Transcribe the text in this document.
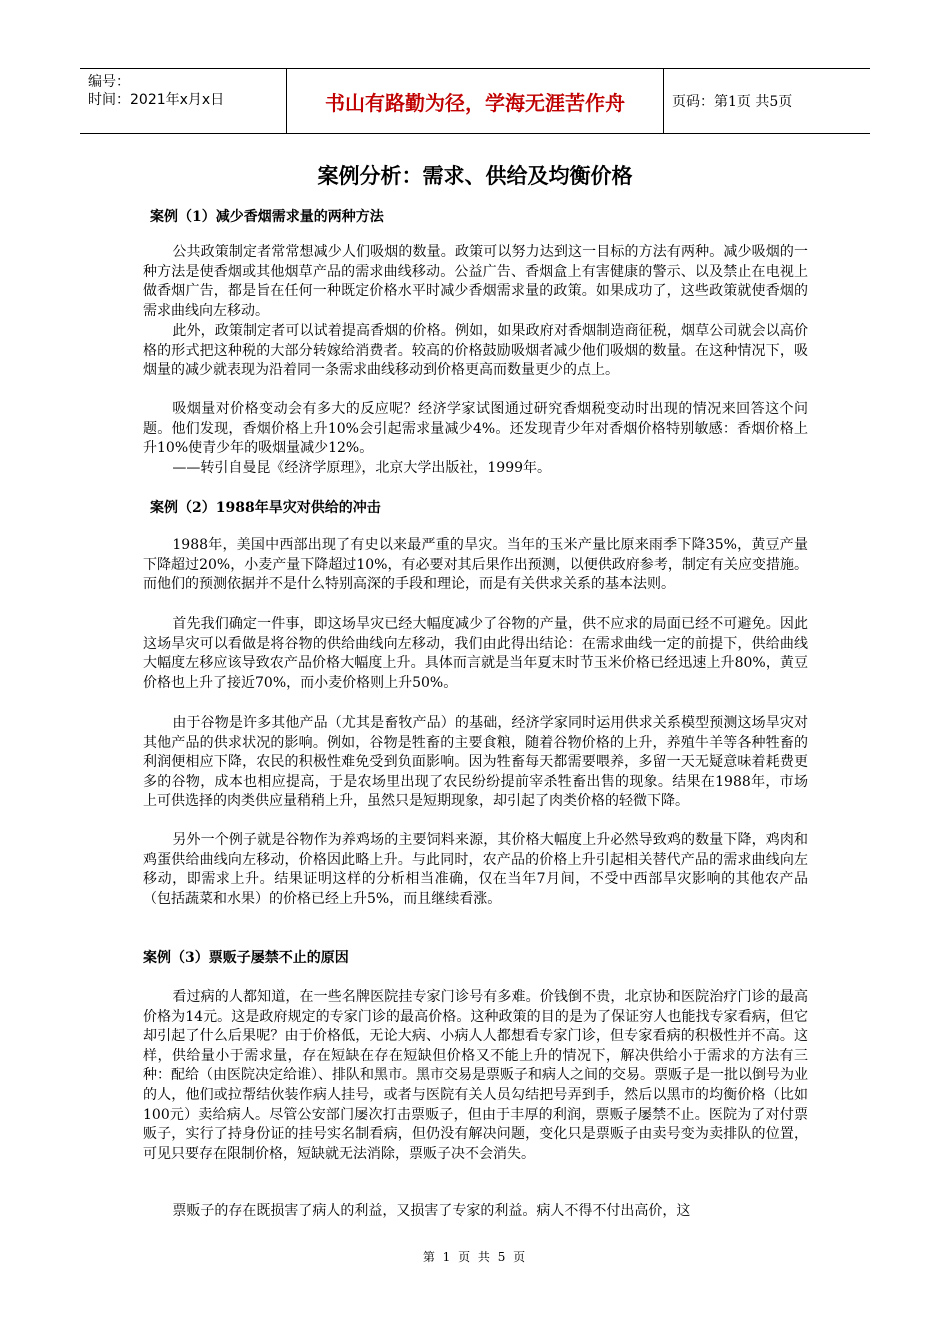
编号：
时间：2021年x月x日	书山有路勤为径，学海无涯苦作舟	页码：第1页 共5页
案例分析：需求、供给及均衡价格
案例（1）减少香烟需求量的两种方法
公共政策制定者常常想减少人们吸烟的数量。政策可以努力达到这一目标的方法有两种。减少吸烟的一种方法是使香烟或其他烟草产品的需求曲线移动。公益广告、香烟盒上有害健康的警示、以及禁止在电视上做香烟广告，都是旨在任何一种既定价格水平时减少香烟需求量的政策。如果成功了，这些政策就使香烟的需求曲线向左移动。
此外，政策制定者可以试着提高香烟的价格。例如，如果政府对香烟制造商征税，烟草公司就会以高价格的形式把这种税的大部分转嫁给消费者。较高的价格鼓励吸烟者减少他们吸烟的数量。在这种情况下，吸烟量的减少就表现为沿着同一条需求曲线移动到价格更高而数量更少的点上。
吸烟量对价格变动会有多大的反应呢？经济学家试图通过研究香烟税变动时出现的情况来回答这个问题。他们发现，香烟价格上升10%会引起需求量减少4%。还发现青少年对香烟价格特别敏感：香烟价格上升10%使青少年的吸烟量减少12%。
——转引自曼昆《经济学原理》，北京大学出版社，1999年。
案例（2）1988年旱灾对供给的冲击
1988年，美国中西部出现了有史以来最严重的旱灾。当年的玉米产量比原来雨季下降35%，黄豆产量下降超过20%，小麦产量下降超过10%，有必要对其后果作出预测，以便供政府参考，制定有关应变措施。而他们的预测依据并不是什么特别高深的手段和理论，而是有关供求关系的基本法则。
首先我们确定一件事，即这场旱灾已经大幅度减少了谷物的产量，供不应求的局面已经不可避免。因此这场旱灾可以看做是将谷物的供给曲线向左移动，我们由此得出结论：在需求曲线一定的前提下，供给曲线大幅度左移应该导致农产品价格大幅度上升。具体而言就是当年夏末时节玉米价格已经迅速上升80%，黄豆价格也上升了接近70%，而小麦价格则上升50%。
由于谷物是许多其他产品（尤其是畜牧产品）的基础，经济学家同时运用供求关系模型预测这场旱灾对其他产品的供求状况的影响。例如，谷物是牲畜的主要食粮，随着谷物价格的上升，养殖牛羊等各种牲畜的利润便相应下降，农民的积极性难免受到负面影响。因为牲畜每天都需要喂养，多留一天无疑意味着耗费更多的谷物，成本也相应提高，于是农场里出现了农民纷纷提前宰杀牲畜出售的现象。结果在1988年，市场上可供选择的肉类供应量稍稍上升，虽然只是短期现象，却引起了肉类价格的轻微下降。
另外一个例子就是谷物作为养鸡场的主要饲料来源，其价格大幅度上升必然导致鸡的数量下降，鸡肉和鸡蛋供给曲线向左移动，价格因此略上升。与此同时，农产品的价格上升引起相关替代产品的需求曲线向左移动，即需求上升。结果证明这样的分析相当准确，仅在当年7月间，不受中西部旱灾影响的其他农产品（包括蔬菜和水果）的价格已经上升5%，而且继续看涨。
案例（3）票贩子屡禁不止的原因
看过病的人都知道，在一些名牌医院挂专家门诊号有多难。价钱倒不贵，北京协和医院治疗门诊的最高价格为14元。这是政府规定的专家门诊的最高价格。这种政策的目的是为了保证穷人也能找专家看病，但它却引起了什么后果呢？由于价格低，无论大病、小病人人都想看专家门诊，但专家看病的积极性并不高。这样，供给量小于需求量，存在短缺在存在短缺但价格又不能上升的情况下，解决供给小于需求的方法有三种：配给（由医院决定给谁）、排队和黑市。黑市交易是票贩子和病人之间的交易。票贩子是一批以倒号为业的人，他们或拉帮结伙装作病人挂号，或者与医院有关人员勾结把号弄到手，然后以黑市的均衡价格（比如100元）卖给病人。尽管公安部门屡次打击票贩子，但由于丰厚的利润，票贩子屡禁不止。医院为了对付票贩子，实行了持身份证的挂号实名制看病，但仍没有解决问题，变化只是票贩子由卖号变为卖排队的位置，可见只要存在限制价格，短缺就无法消除，票贩子决不会消失。
票贩子的存在既损害了病人的利益，又损害了专家的利益。病人不得不付出高价，这
第 1 页 共 5 页
